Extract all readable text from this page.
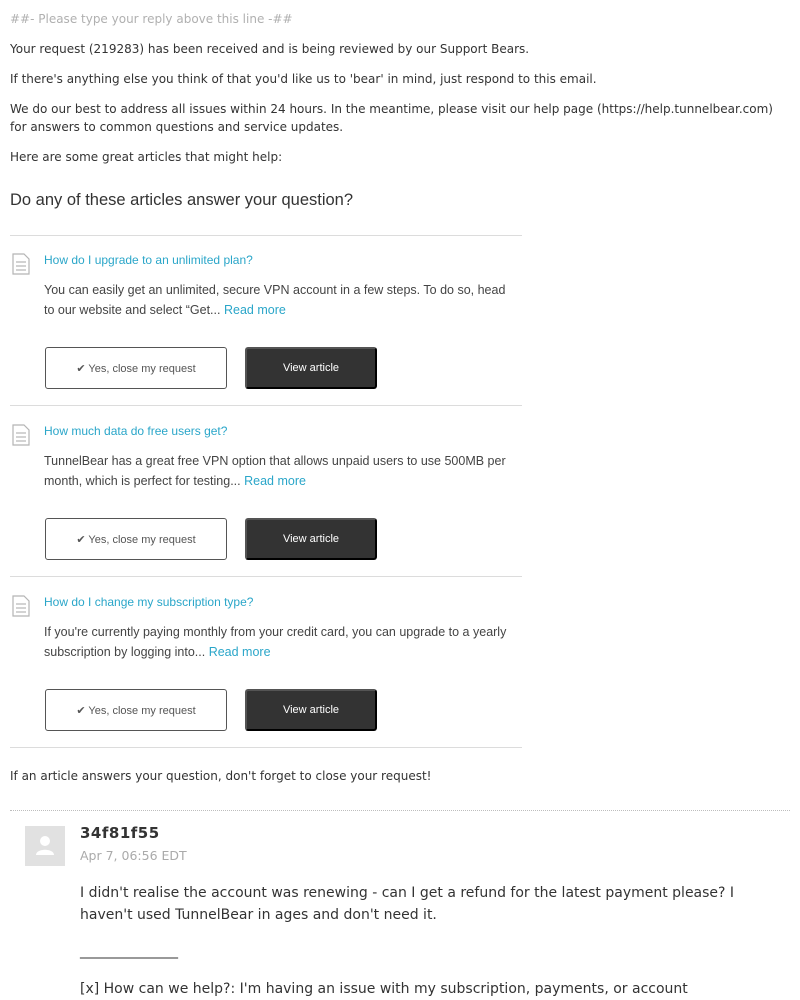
##- Please type your reply above this line -##
Your request (219283) has been received and is being reviewed by our Support Bears.
If there's anything else you think of that you'd like us to 'bear' in mind, just respond to this email.
We do our best to address all issues within 24 hours. In the meantime, please visit our help page (https://help.tunnelbear.com) for answers to common questions and service updates.
Here are some great articles that might help:
Do any of these articles answer your question?
How do I upgrade to an unlimited plan?
You can easily get an unlimited, secure VPN account in a few steps. To do so, head to our website and select “Get... Read more
✔ Yes, close my request	View article
How much data do free users get?
TunnelBear has a great free VPN option that allows unpaid users to use 500MB per month, which is perfect for testing... Read more
✔ Yes, close my request	View article
How do I change my subscription type?
If you're currently paying monthly from your credit card, you can upgrade to a yearly subscription by logging into... Read more
✔ Yes, close my request	View article
If an article answers your question, don't forget to close your request!
34f81f55
Apr 7, 06:56 EDT
I didn't realise the account was renewing - can I get a refund for the latest payment please? I haven't used TunnelBear in ages and don't need it.
______________
[x] How can we help?: I'm having an issue with my subscription, payments, or account
